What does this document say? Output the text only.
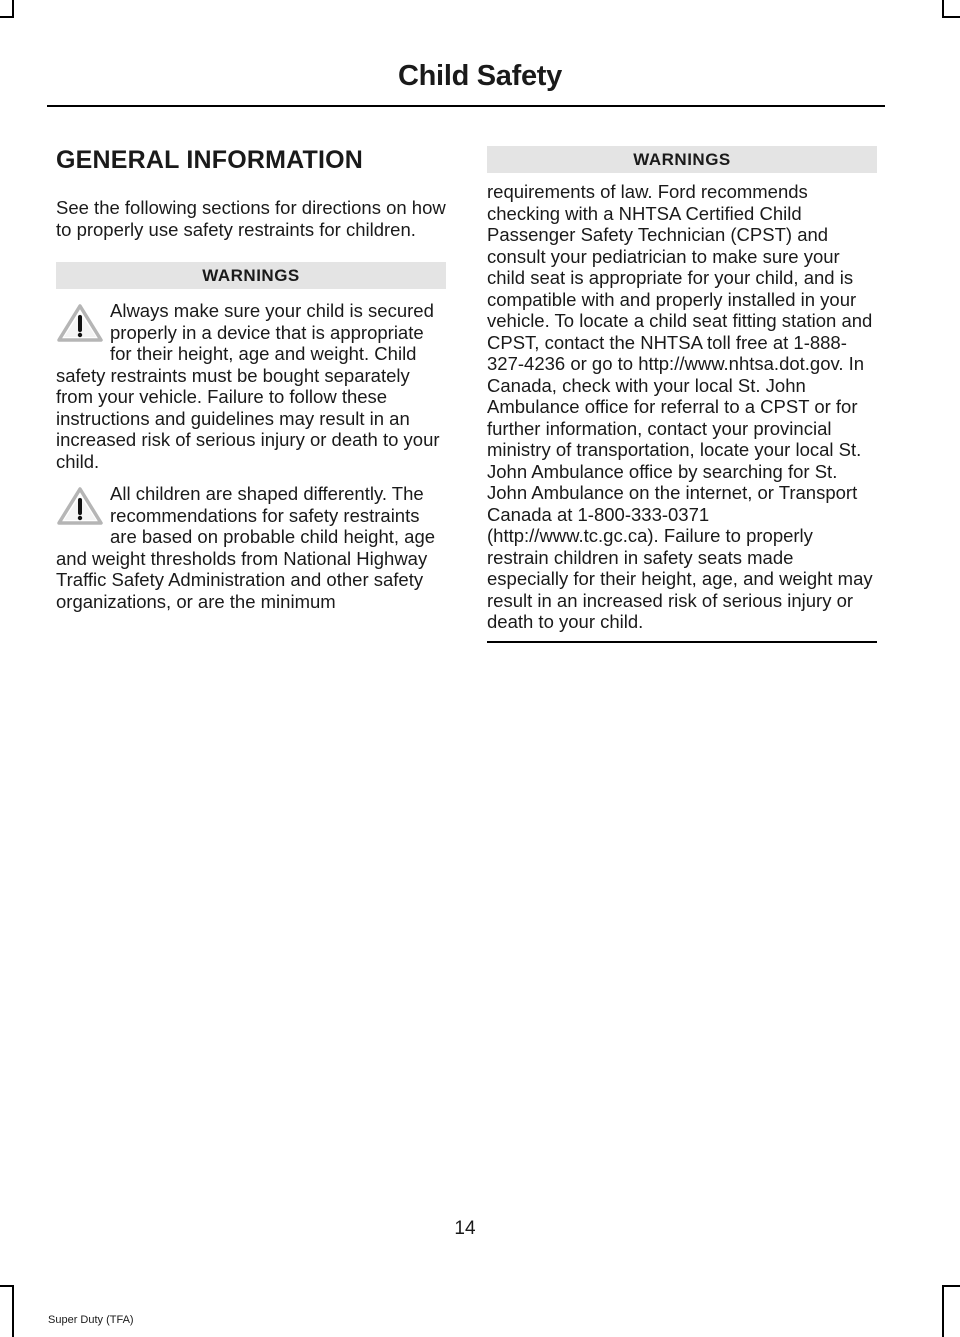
Child Safety
GENERAL INFORMATION

See the following sections for directions on how to properly use safety restraints for children.

WARNINGS

Always make sure your child is secured properly in a device that is appropriate for their height, age and weight. Child safety restraints must be bought separately from your vehicle. Failure to follow these instructions and guidelines may result in an increased risk of serious injury or death to your child.

All children are shaped differently. The recommendations for safety restraints are based on probable child height, age and weight thresholds from National Highway Traffic Safety Administration and other safety organizations, or are the minimum

WARNINGS

requirements of law. Ford recommends checking with a NHTSA Certified Child Passenger Safety Technician (CPST) and consult your pediatrician to make sure your child seat is appropriate for your child, and is compatible with and properly installed in your vehicle. To locate a child seat fitting station and CPST, contact the NHTSA toll free at 1-888-327-4236 or go to http://www.nhtsa.dot.gov. In Canada, check with your local St. John Ambulance office for referral to a CPST or for further information, contact your provincial ministry of transportation, locate your local St. John Ambulance office by searching for St. John Ambulance on the internet, or Transport Canada at 1-800-333-0371 (http://www.tc.gc.ca). Failure to properly restrain children in safety seats made especially for their height, age, and weight may result in an increased risk of serious injury or death to your child.

14

Super Duty (TFA)
